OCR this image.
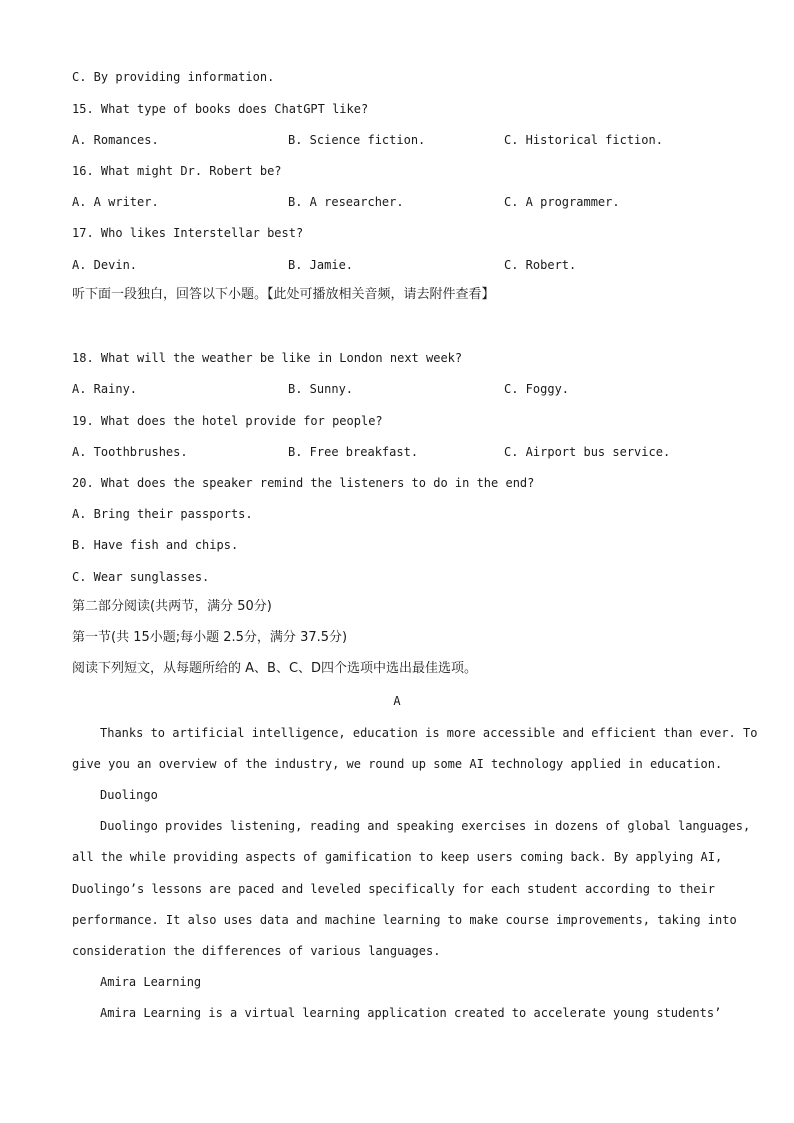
C. By providing information.
15. What type of books does ChatGPT like?
A. Romances.	B. Science fiction.	C. Historical fiction.
16. What might Dr. Robert be?
A. A writer.	B. A researcher.	C. A programmer.
17. Who likes Interstellar best?
A. Devin.	B. Jamie.	C. Robert.
听下面一段独白，回答以下小题。【此处可播放相关音频，请去附件查看】
18. What will the weather be like in London next week?
A. Rainy.	B. Sunny.	C. Foggy.
19. What does the hotel provide for people?
A. Toothbrushes.	B. Free breakfast.	C. Airport bus service.
20. What does the speaker remind the listeners to do in the end?
A. Bring their passports.
B. Have fish and chips.
C. Wear sunglasses.
第二部分阅读(共两节，满分 50分)
第一节(共 15小题;每小题 2.5分，满分 37.5分)
阅读下列短文，从每题所给的 A、B、C、D四个选项中选出最佳选项。
A
Thanks to artificial intelligence, education is more accessible and efficient than ever. To
give you an overview of the industry, we round up some AI technology applied in education.
Duolingo
Duolingo provides listening, reading and speaking exercises in dozens of global languages,
all the while providing aspects of gamification to keep users coming back. By applying AI,
Duolingo’s lessons are paced and leveled specifically for each student according to their
performance. It also uses data and machine learning to make course improvements, taking into
consideration the differences of various languages.
Amira Learning
Amira Learning is a virtual learning application created to accelerate young students’
